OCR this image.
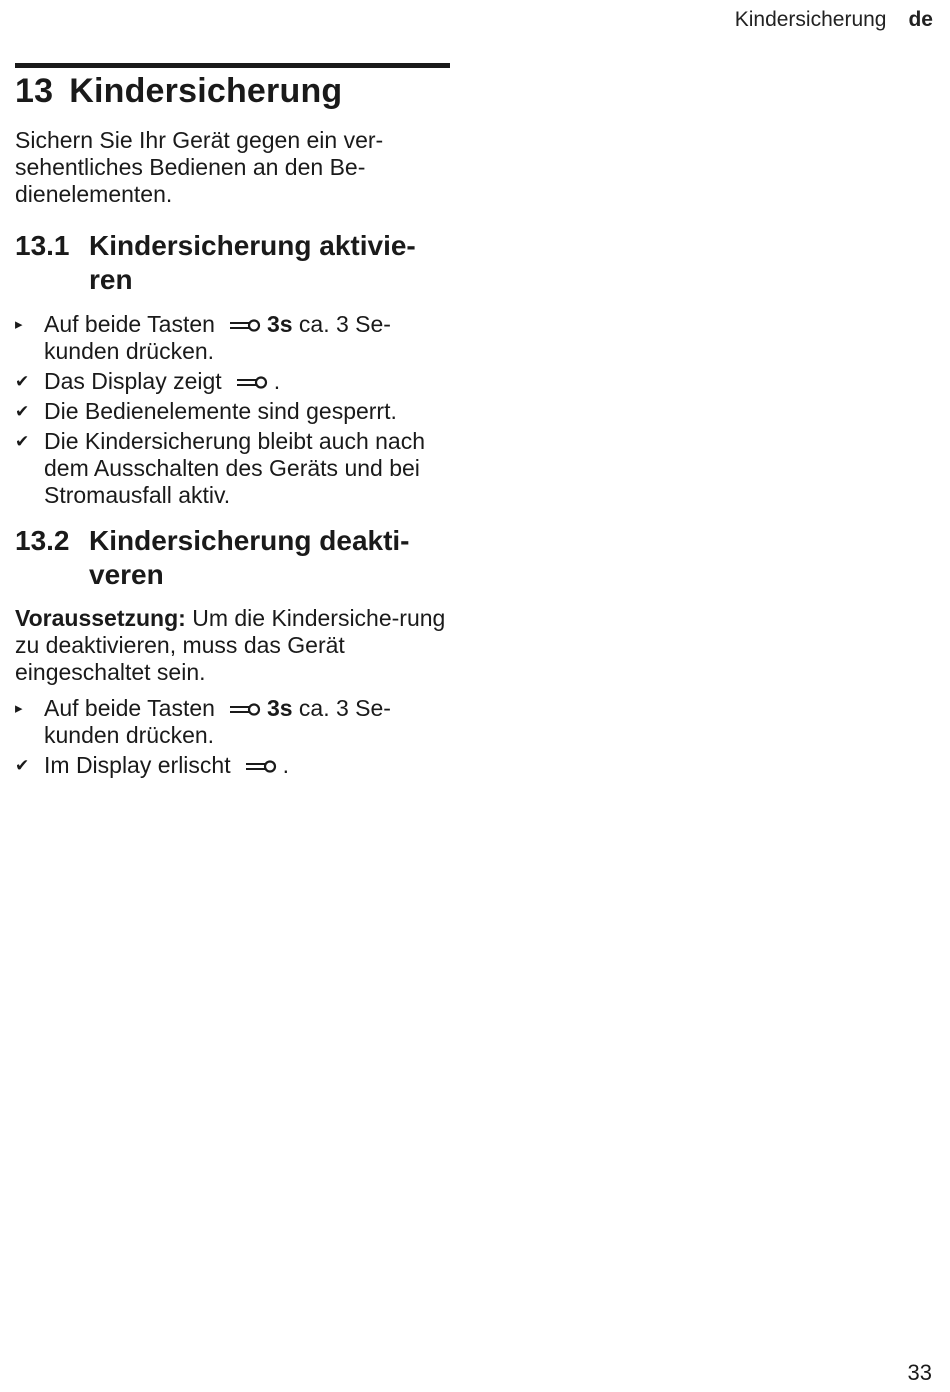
Kindersicherung de
13 Kindersicherung

Sichern Sie Ihr Gerät gegen ein ver-sehentliches Bedienen an den Be-dienelementen.

13.1 Kindersicherung aktivie-ren
▸ Auf beide Tasten 3s ca. 3 Se-kunden drücken.
✔ Das Display zeigt .
✔ Die Bedienelemente sind gesperrt.
✔ Die Kindersicherung bleibt auch nach dem Ausschalten des Geräts und bei Stromausfall aktiv.
13.2 Kindersicherung deakti-veren

Voraussetzung: Um die Kindersiche-rung zu deaktivieren, muss das Gerät eingeschaltet sein.

▸ Auf beide Tasten 3s ca. 3 Se-kunden drücken.
✔ Im Display erlischt .
33
